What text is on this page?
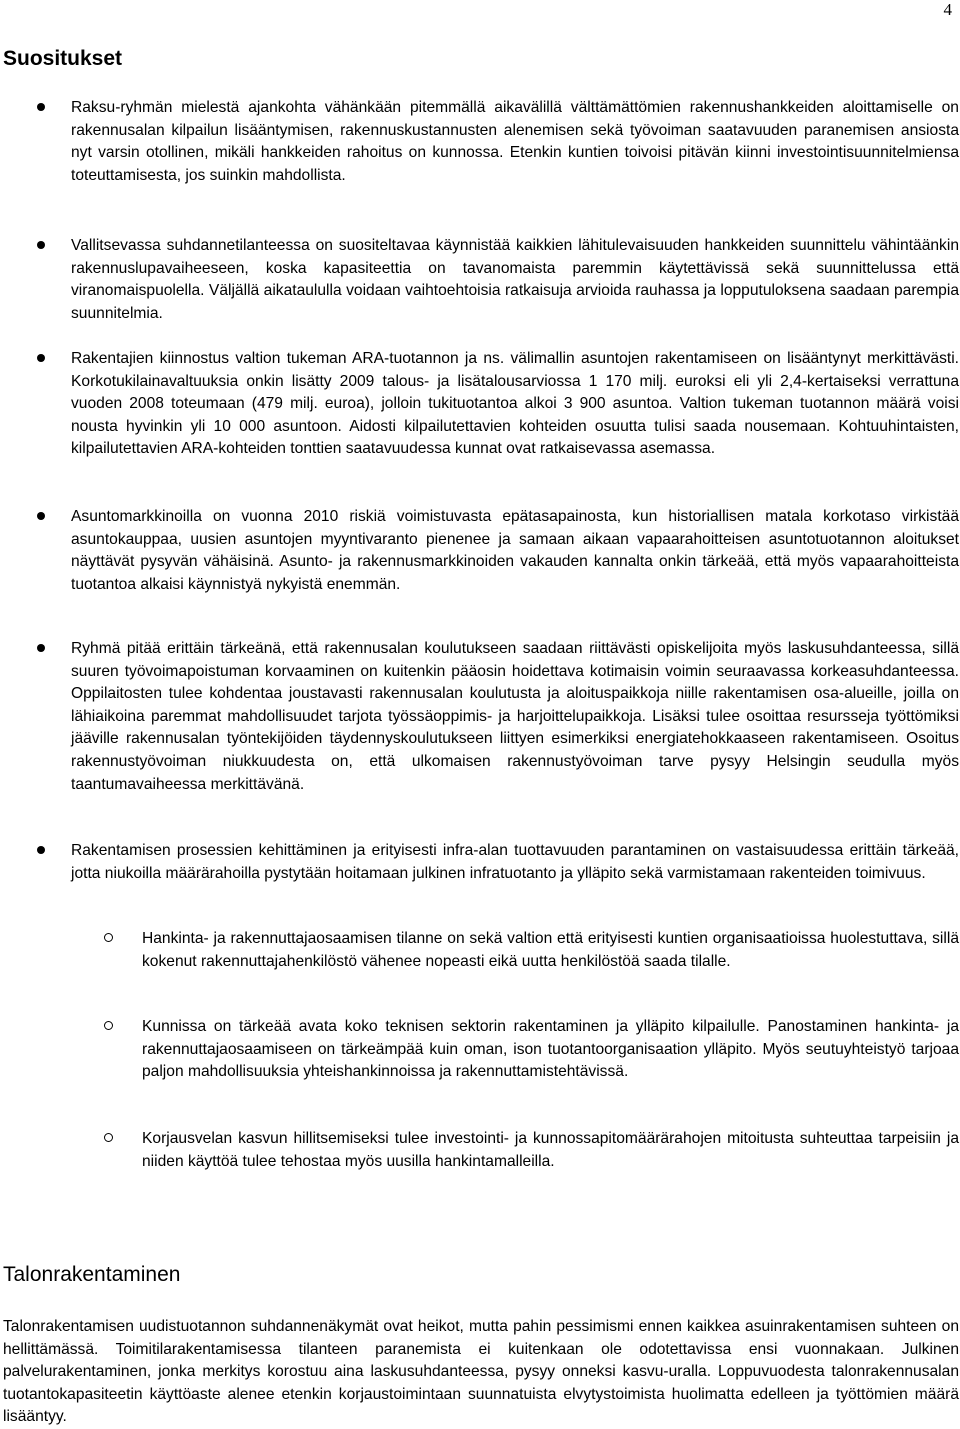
4
Suositukset
Raksu-ryhmän mielestä ajankohta vähänkään pitemmällä aikavälillä välttämättömien rakennushankkeiden aloittamiselle on rakennusalan kilpailun lisääntymisen, rakennuskustannusten alenemisen sekä työvoiman saatavuuden paranemisen ansiosta nyt varsin otollinen, mikäli hankkeiden rahoitus on kunnossa. Etenkin kuntien toivoisi pitävän kiinni investointisuunnitelmiensa toteuttamisesta, jos suinkin mahdollista.
Vallitsevassa suhdannetilanteessa on suositeltavaa käynnistää kaikkien lähitulevaisuuden hankkeiden suunnittelu vähintäänkin rakennuslupavaiheeseen, koska kapasiteettia on tavanomaista paremmin käytettävissä sekä suunnittelussa että viranomaispuolella. Väljällä aikataululla voidaan vaihtoehtoisia ratkaisuja arvioida rauhassa ja lopputuloksena saadaan parempia suunnitelmia.
Rakentajien kiinnostus valtion tukeman ARA-tuotannon ja ns. välimallin asuntojen rakentamiseen on lisääntynyt merkittävästi. Korkotukilainavaltuuksia onkin lisätty 2009 talous- ja lisätalousarviossa 1 170 milj. euroksi eli yli 2,4-kertaiseksi verrattuna vuoden 2008 toteumaan (479 milj. euroa), jolloin tukituotantoa alkoi 3 900 asuntoa. Valtion tukeman tuotannon määrä voisi nousta hyvinkin yli 10 000 asuntoon. Aidosti kilpailutettavien kohteiden osuutta tulisi saada nousemaan. Kohtuuhintaisten, kilpailutettavien ARA-kohteiden tonttien saatavuudessa kunnat ovat ratkaisevassa asemassa.
Asuntomarkkinoilla on vuonna 2010 riskiä voimistuvasta epätasapainosta, kun historiallisen matala korkotaso virkistää asuntokauppaa, uusien asuntojen myyntivaranto pienenee ja samaan aikaan vapaarahoitteisen asuntotuotannon aloitukset näyttävät pysyvän vähäisinä. Asunto- ja rakennusmarkkinoiden vakauden kannalta onkin tärkeää, että myös vapaarahoitteista tuotantoa alkaisi käynnistyä nykyistä enemmän.
Ryhmä pitää erittäin tärkeänä, että rakennusalan koulutukseen saadaan riittävästi opiskelijoita myös laskusuhdanteessa, sillä suuren työvoimapoistuman korvaaminen on kuitenkin pääosin hoidettava kotimaisin voimin seuraavassa korkeasuhdanteessa. Oppilaitosten tulee kohdentaa joustavasti rakennusalan koulutusta ja aloituspaikkoja niille rakentamisen osa-alueille, joilla on lähiaikoina paremmat mahdollisuudet tarjota työssäoppimis- ja harjoittelupaikkoja. Lisäksi tulee osoittaa resursseja työttömiksi jääville rakennusalan työntekijöiden täydennyskoulutukseen liittyen esimerkiksi energiatehokkaaseen rakentamiseen. Osoitus rakennustyövoiman niukkuudesta on, että ulkomaisen rakennustyövoiman tarve pysyy Helsingin seudulla myös taantumavaiheessa merkittävänä.
Rakentamisen prosessien kehittäminen ja erityisesti infra-alan tuottavuuden parantaminen on vastaisuudessa erittäin tärkeää, jotta niukoilla määrärahoilla pystytään hoitamaan julkinen infratuotanto ja ylläpito sekä varmistamaan rakenteiden toimivuus.
Hankinta- ja rakennuttajaosaamisen tilanne on sekä valtion että erityisesti kuntien organisaatioissa huolestuttava, sillä kokenut rakennuttajahenkilöstö vähenee nopeasti eikä uutta henkilöstöä saada tilalle.
Kunnissa on tärkeää avata koko teknisen sektorin rakentaminen ja ylläpito kilpailulle. Panostaminen hankinta- ja rakennuttajaosaamiseen on tärkeämpää kuin oman, ison tuotantoorganisaation ylläpito. Myös seutuyhteistyö tarjoaa paljon mahdollisuuksia yhteishankinnoissa ja rakennuttamistehtävissä.
Korjausvelan kasvun hillitsemiseksi tulee investointi- ja kunnossapitomäärärahojen mitoitusta suhteuttaa tarpeisiin ja niiden käyttöä tulee tehostaa myös uusilla hankintamalleilla.
Talonrakentaminen

Talonrakentamisen uudistuotannon suhdannenäkymät ovat heikot, mutta pahin pessimismi ennen kaikkea asuinrakentamisen suhteen on hellittämässä. Toimitilarakentamisessa tilanteen paranemista ei kuitenkaan ole odotettavissa ensi vuonnakaan. Julkinen palvelurakentaminen, jonka merkitys korostuu aina laskusuhdanteessa, pysyy onneksi kasvu-uralla. Loppuvuodesta talonrakennusalan tuotantokapasiteetin käyttöaste alenee etenkin korjaustoimintaan suunnatuista elvytystoimista huolimatta edelleen ja työttömien määrä lisääntyy.
